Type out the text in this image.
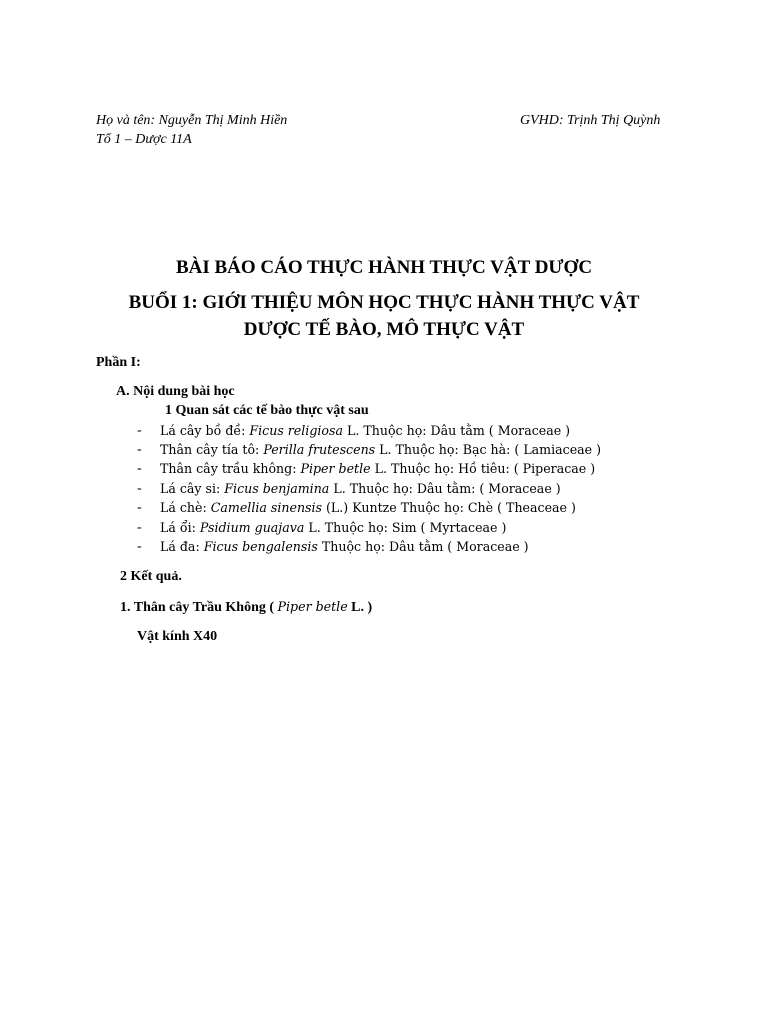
Họ và tên: Nguyễn Thị Minh Hiền
Tổ 1 – Dược 11A
GVHD: Trịnh Thị Quỳnh
BÀI BÁO CÁO THỰC HÀNH THỰC VẬT DƯỢC
BUỔI 1: GIỚI THIỆU MÔN HỌC THỰC HÀNH THỰC VẬT
DƯỢC TẾ BÀO, MÔ THỰC VẬT
Phần I:
A. Nội dung bài học
1 Quan sát các tế bào thực vật sau
- Lá cây bồ đề: Ficus religiosa L. Thuộc họ: Dâu tằm ( Moraceae )
- Thân cây tía tô: Perilla frutescens L. Thuộc họ: Bạc hà: ( Lamiaceae )
- Thân cây trầu không: Piper betle L. Thuộc họ: Hồ tiêu: ( Piperacae )
- Lá cây si: Ficus benjamina L. Thuộc họ: Dâu tằm: ( Moraceae )
- Lá chè: Camellia sinensis (L.) Kuntze Thuộc họ: Chè ( Theaceae )
- Lá ổi: Psidium guajava L. Thuộc họ: Sim ( Myrtaceae )
- Lá đa: Ficus bengalensis Thuộc họ: Dâu tằm ( Moraceae )
2 Kết quả.
1. Thân cây Trầu Không ( Piper betle L. )
Vật kính X40
